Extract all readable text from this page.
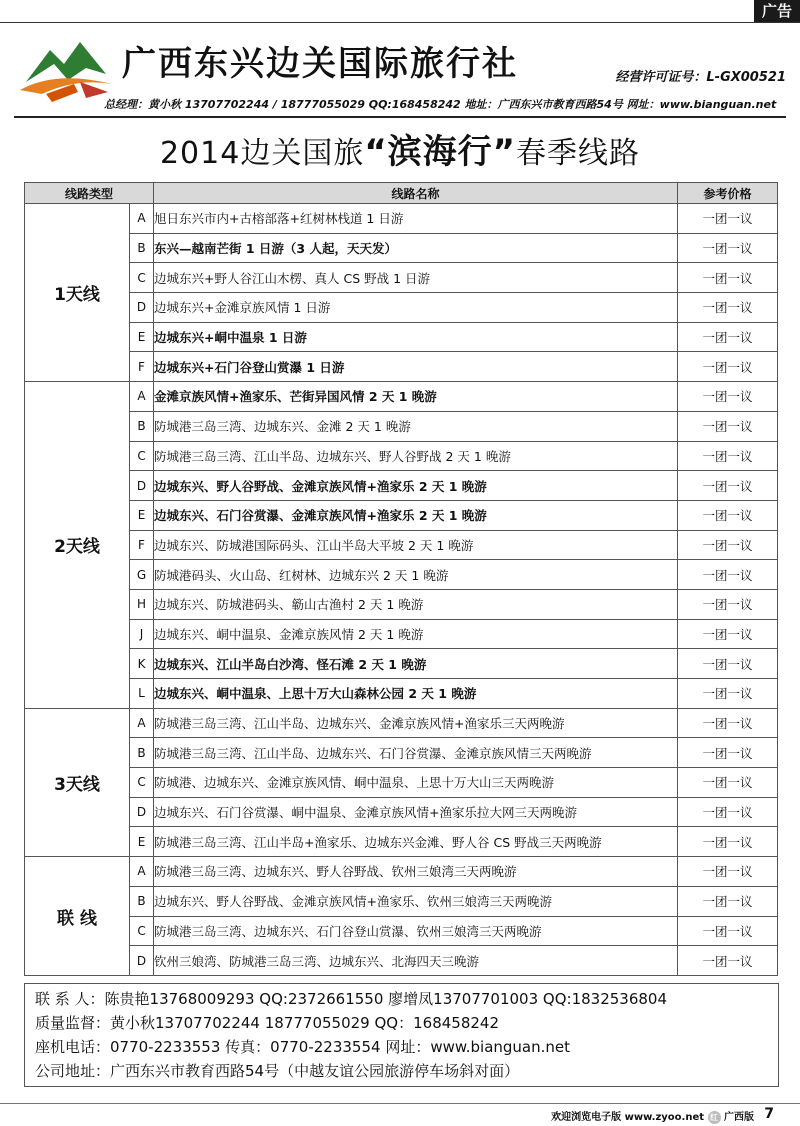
广告
广西东兴边关国际旅行社	经营许可证号：L-GX00521
总经理：黄小秋 13707702244 / 18777055029 QQ:168458242 地址：广西东兴市教育西路54号 网址：www.bianguan.net
2014边关国旅“滨海行”春季线路
线路类型		线路名称	参考价格
1天线	A	旭日东兴市内+古榕部落+红树林栈道 1 日游	一团一议
	B	东兴—越南芒街 1 日游（3 人起，天天发）	一团一议
	C	边城东兴+野人谷江山木楞、真人 CS 野战 1 日游	一团一议
	D	边城东兴+金滩京族风情 1 日游	一团一议
	E	边城东兴+峒中温泉 1 日游	一团一议
	F	边城东兴+石门谷登山赏瀑 1 日游	一团一议
2天线	A	金滩京族风情+渔家乐、芒街异国风情 2 天 1 晚游	一团一议
	B	防城港三岛三湾、边城东兴、金滩 2 天 1 晚游	一团一议
	C	防城港三岛三湾、江山半岛、边城东兴、野人谷野战 2 天 1 晚游	一团一议
	D	边城东兴、野人谷野战、金滩京族风情+渔家乐 2 天 1 晚游	一团一议
	E	边城东兴、石门谷赏瀑、金滩京族风情+渔家乐 2 天 1 晚游	一团一议
	F	边城东兴、防城港国际码头、江山半岛大平坡 2 天 1 晚游	一团一议
	G	防城港码头、火山岛、红树林、边城东兴 2 天 1 晚游	一团一议
	H	边城东兴、防城港码头、簕山古渔村 2 天 1 晚游	一团一议
	J	边城东兴、峒中温泉、金滩京族风情 2 天 1 晚游	一团一议
	K	边城东兴、江山半岛白沙湾、怪石滩 2 天 1 晚游	一团一议
	L	边城东兴、峒中温泉、上思十万大山森林公园 2 天 1 晚游	一团一议
3天线	A	防城港三岛三湾、江山半岛、边城东兴、金滩京族风情+渔家乐三天两晚游	一团一议
	B	防城港三岛三湾、江山半岛、边城东兴、石门谷赏瀑、金滩京族风情三天两晚游	一团一议
	C	防城港、边城东兴、金滩京族风情、峒中温泉、上思十万大山三天两晚游	一团一议
	D	边城东兴、石门谷赏瀑、峒中温泉、金滩京族风情+渔家乐拉大网三天两晚游	一团一议
	E	防城港三岛三湾、江山半岛+渔家乐、边城东兴金滩、野人谷 CS 野战三天两晚游	一团一议
联 线	A	防城港三岛三湾、边城东兴、野人谷野战、钦州三娘湾三天两晚游	一团一议
	B	边城东兴、野人谷野战、金滩京族风情+渔家乐、钦州三娘湾三天两晚游	一团一议
	C	防城港三岛三湾、边城东兴、石门谷登山赏瀑、钦州三娘湾三天两晚游	一团一议
	D	钦州三娘湾、防城港三岛三湾、边城东兴、北海四天三晚游	一团一议
联 系 人：陈贵艳13768009293 QQ:2372661550 廖增凤13707701003 QQ:1832536804
质量监督：黄小秋13707702244 18777055029 QQ：168458242
座机电话：0770-2233553 传真：0770-2233554 网址：www.bianguan.net
公司地址：广西东兴市教育西路54号（中越友谊公园旅游停车场斜对面）
欢迎浏览电子版 www.zyoo.net 红 广西版 7
